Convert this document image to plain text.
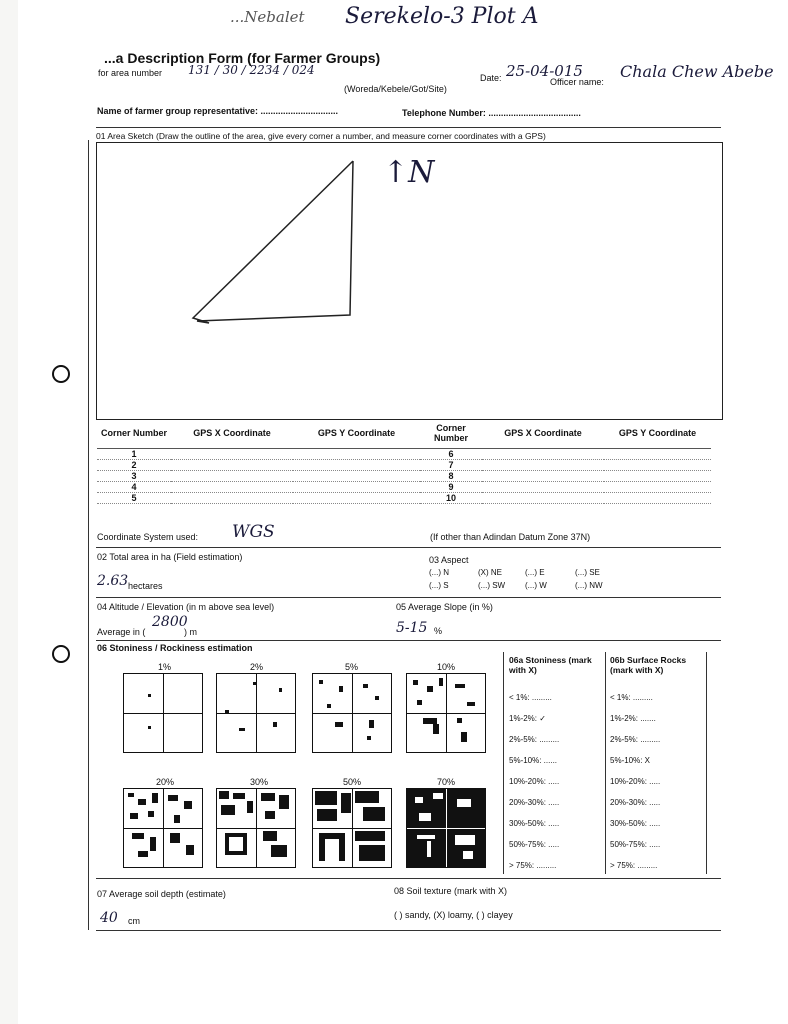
...Nebalet Serekelo-3 Plot A
...a Description Form (for Farmer Groups)
for area number 131 / 30 / 2234 / 024
(Woreda/Kebele/Got/Site)
Date: 25-04-015
Officer name:
Chala Chew Abebe
Name of farmer group representative: ...............................	Telephone Number: .....................................
01 Area Sketch (Draw the outline of the area, give every corner a number, and measure corner coordinates with a GPS)
↑N
Corner Number	GPS X Coordinate	GPS Y Coordinate	Corner Number	GPS X Coordinate	GPS Y Coordinate
1			6		
2			7		
3			8		
4			9		
5			10		
Coordinate System used: WGS	(If other than Adindan Datum Zone 37N)
02 Total area in ha (Field estimation)
2.63 hectares
03 Aspect
(...) N	(X) NE	(...) E	(...) SE
(...) S	(...) SW (...) W	(...) NW
04 Altitude / Elevation (in m above sea level)
Average in (
2800
) m
05 Average Slope (in %)
5-15 %
06 Stoniness / Rockiness estimation
1%	2%	5%	10%
20%	30%	50%	70%
06a Stoniness (mark with X)
06b Surface Rocks (mark with X)
< 1%: .........
1%-2%: ✓
2%-5%: .........
5%-10%: ......
10%-20%: .....
20%-30%: .....
30%-50%: .....
50%-75%: .....
> 75%: .........
< 1%: .........
1%-2%: .......
2%-5%: .........
5%-10%: X
10%-20%: .....
20%-30%: .....
30%-50%: .....
50%-75%: .....
> 75%: .........
07 Average soil depth (estimate)
40 cm
08 Soil texture (mark with X)
( ) sandy, (X) loamy, ( ) clayey
